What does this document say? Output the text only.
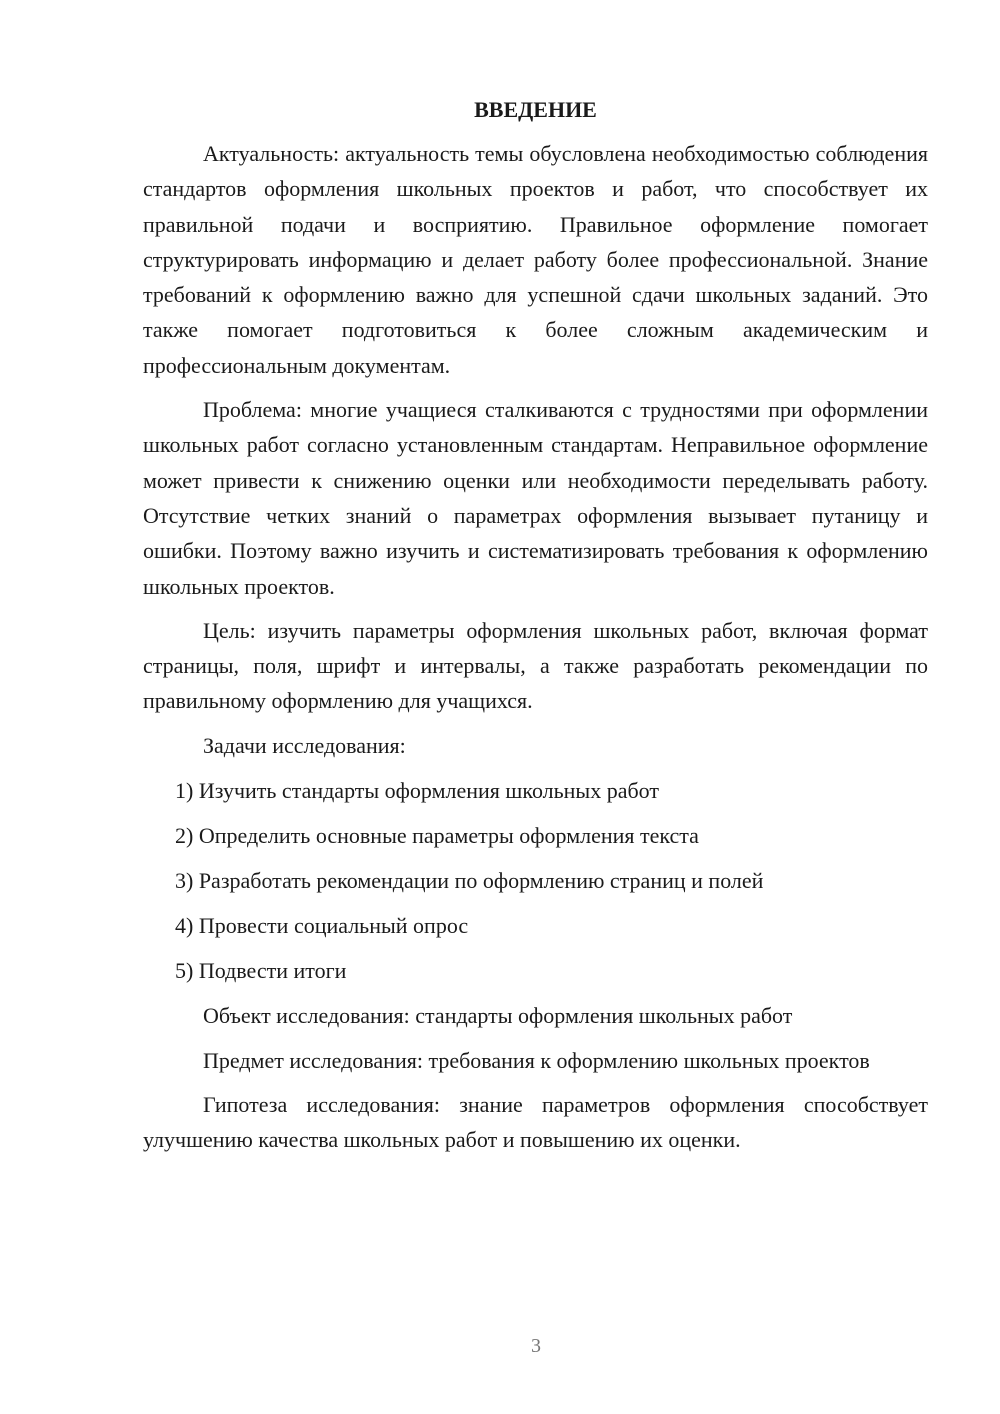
ВВЕДЕНИЕ

Актуальность: актуальность темы обусловлена необходимостью соблюдения стандартов оформления школьных проектов и работ, что способствует их правильной подачи и восприятию. Правильное оформление помогает структурировать информацию и делает работу более профессиональной. Знание требований к оформлению важно для успешной сдачи школьных заданий. Это также помогает подготовиться к более сложным академическим и профессиональным документам.

Проблема: многие учащиеся сталкиваются с трудностями при оформлении школьных работ согласно установленным стандартам. Неправильное оформление может привести к снижению оценки или необходимости переделывать работу. Отсутствие четких знаний о параметрах оформления вызывает путаницу и ошибки. Поэтому важно изучить и систематизировать требования к оформлению школьных проектов.

Цель: изучить параметры оформления школьных работ, включая формат страницы, поля, шрифт и интервалы, а также разработать рекомендации по правильному оформлению для учащихся.

Задачи исследования:

1) Изучить стандарты оформления школьных работ
2) Определить основные параметры оформления текста
3) Разработать рекомендации по оформлению страниц и полей
4) Провести социальный опрос
5) Подвести итоги

Объект исследования: стандарты оформления школьных работ

Предмет исследования: требования к оформлению школьных проектов

Гипотеза исследования: знание параметров оформления способствует улучшению качества школьных работ и повышению их оценки.

3
